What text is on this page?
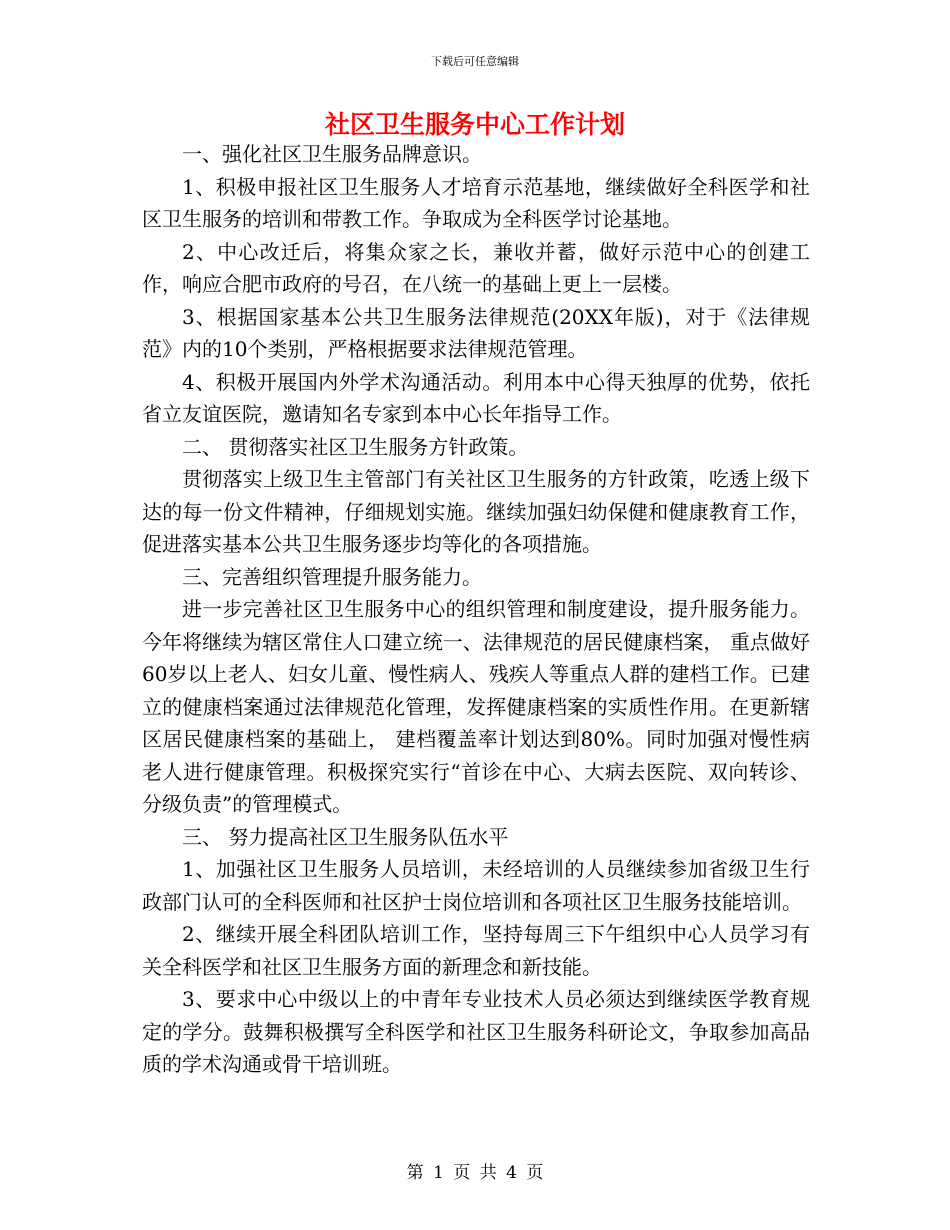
下载后可任意编辑
社区卫生服务中心工作计划

一、强化社区卫生服务品牌意识。

1、积极申报社区卫生服务人才培育示范基地，继续做好全科医学和社区卫生服务的培训和带教工作。争取成为全科医学讨论基地。

2、中心改迁后，将集众家之长，兼收并蓄，做好示范中心的创建工作，响应合肥市政府的号召，在八统一的基础上更上一层楼。

3、根据国家基本公共卫生服务法律规范(20XX年版)，对于《法律规范》内的10个类别，严格根据要求法律规范管理。

4、积极开展国内外学术沟通活动。利用本中心得天独厚的优势，依托省立友谊医院，邀请知名专家到本中心长年指导工作。

二、 贯彻落实社区卫生服务方针政策。

贯彻落实上级卫生主管部门有关社区卫生服务的方针政策，吃透上级下达的每一份文件精神，仔细规划实施。继续加强妇幼保健和健康教育工作，促进落实基本公共卫生服务逐步均等化的各项措施。

三、完善组织管理提升服务能力。

进一步完善社区卫生服务中心的组织管理和制度建设，提升服务能力。今年将继续为辖区常住人口建立统一、法律规范的居民健康档案， 重点做好60岁以上老人、妇女儿童、慢性病人、残疾人等重点人群的建档工作。已建立的健康档案通过法律规范化管理，发挥健康档案的实质性作用。在更新辖区居民健康档案的基础上， 建档覆盖率计划达到80%。同时加强对慢性病老人进行健康管理。积极探究实行“首诊在中心、大病去医院、双向转诊、分级负责”的管理模式。

三、 努力提高社区卫生服务队伍水平

1、加强社区卫生服务人员培训，未经培训的人员继续参加省级卫生行政部门认可的全科医师和社区护士岗位培训和各项社区卫生服务技能培训。

2、继续开展全科团队培训工作，坚持每周三下午组织中心人员学习有关全科医学和社区卫生服务方面的新理念和新技能。

3、要求中心中级以上的中青年专业技术人员必须达到继续医学教育规定的学分。鼓舞积极撰写全科医学和社区卫生服务科研论文，争取参加高品质的学术沟通或骨干培训班。

第 1 页 共 4 页
